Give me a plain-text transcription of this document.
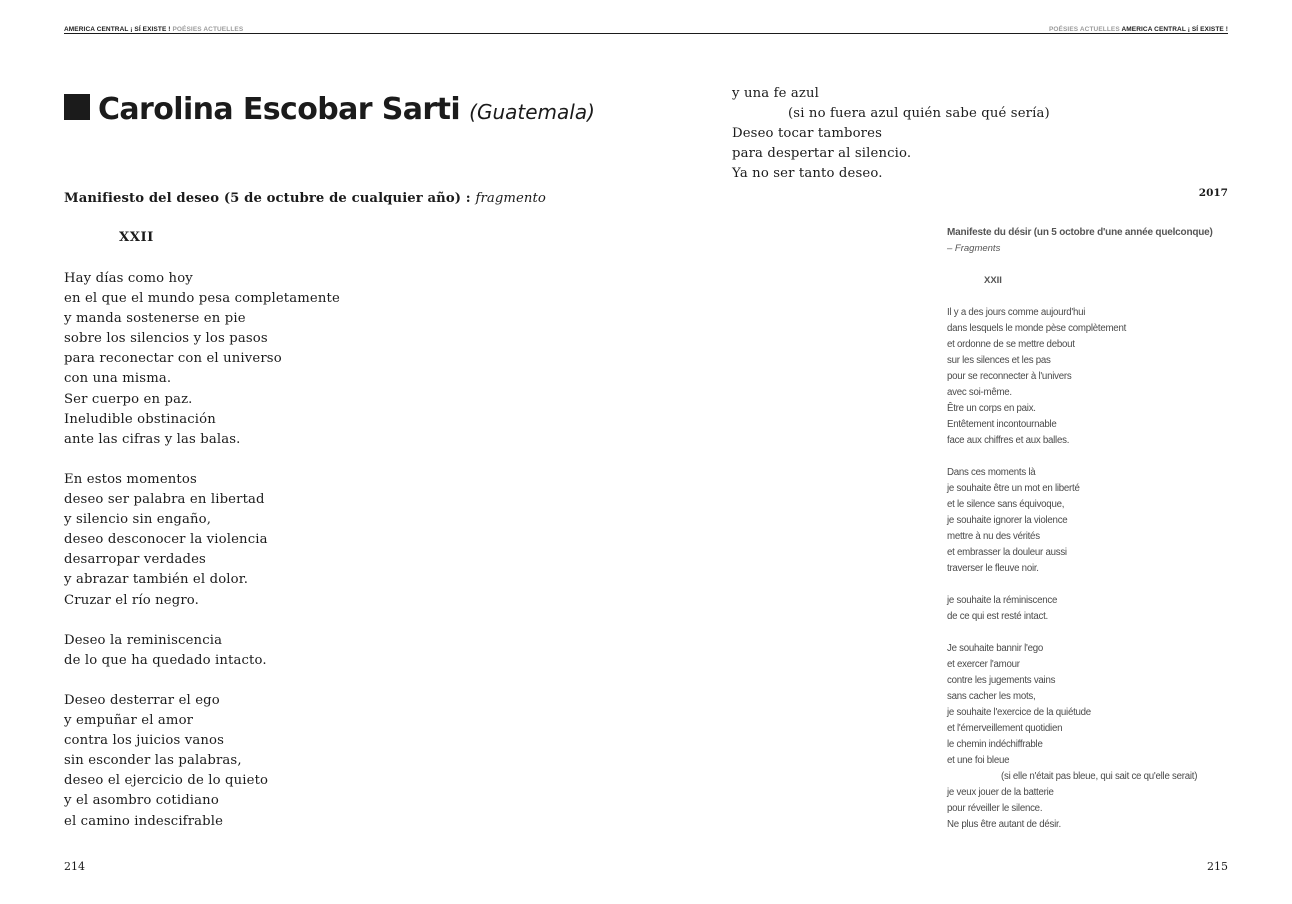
AMERICA CENTRAL ¡ SÍ EXISTE ! POÉSIES ACTUELLES	POÉSIES ACTUELLES AMERICA CENTRAL ¡ SÍ EXISTE !
Carolina Escobar Sarti (Guatemala)
Manifiesto del deseo (5 de octubre de cualquier año) : fragmento
XXII
Hay días como hoy
en el que el mundo pesa completamente
y manda sostenerse en pie
sobre los silencios y los pasos
para reconectar con el universo
con una misma.
Ser cuerpo en paz.
Ineludible obstinación
ante las cifras y las balas.
En estos momentos
deseo ser palabra en libertad
y silencio sin engaño,
deseo desconocer la violencia
desarropar verdades
y abrazar también el dolor.
Cruzar el río negro.
Deseo la reminiscencia
de lo que ha quedado intacto.
Deseo desterrar el ego
y empuñar el amor
contra los juicios vanos
sin esconder las palabras,
deseo el ejercicio de lo quieto
y el asombro cotidiano
el camino indescifrable
y una fe azul
(si no fuera azul quién sabe qué sería)
Deseo tocar tambores
para despertar al silencio.
Ya no ser tanto deseo.
2017
Manifeste du désir (un 5 octobre d'une année quelconque)
– Fragments
XXII
Il y a des jours comme aujourd'hui
dans lesquels le monde pèse complètement
et ordonne de se mettre debout
sur les silences et les pas
pour se reconnecter à l'univers
avec soi-même.
Être un corps en paix.
Entêtement incontournable
face aux chiffres et aux balles.
Dans ces moments là
je souhaite être un mot en liberté
et le silence sans équivoque,
je souhaite ignorer la violence
mettre à nu des vérités
et embrasser la douleur aussi
traverser le fleuve noir.
je souhaite la réminiscence
de ce qui est resté intact.
Je souhaite bannir l'ego
et exercer l'amour
contre les jugements vains
sans cacher les mots,
je souhaite l'exercice de la quiétude
et l'émerveillement quotidien
le chemin indéchiffrable
et une foi bleue
(si elle n'était pas bleue, qui sait ce qu'elle serait)
je veux jouer de la batterie
pour réveiller le silence.
Ne plus être autant de désir.
214	215
